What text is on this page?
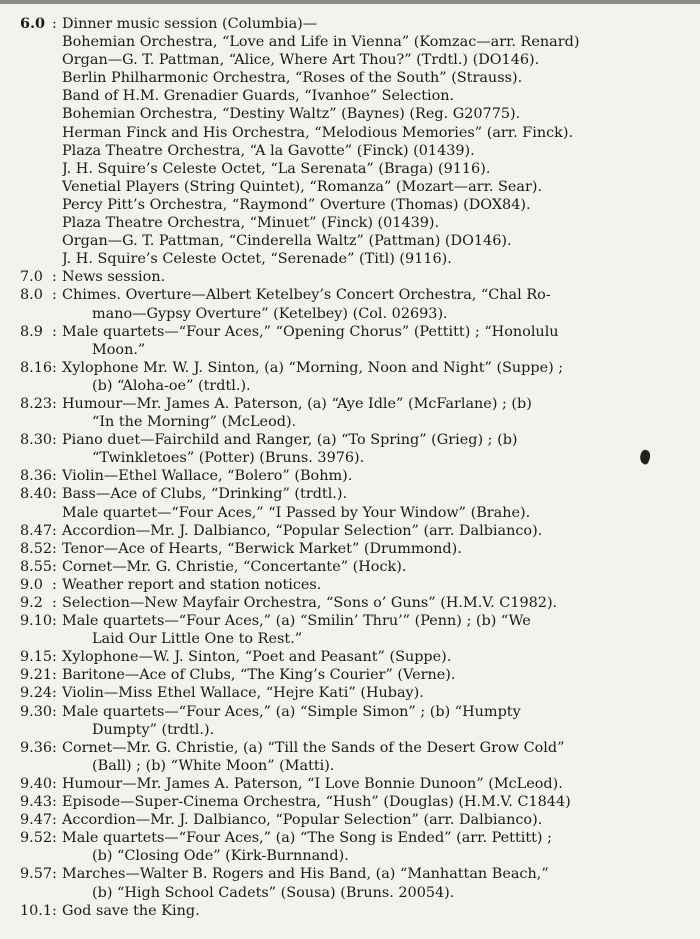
6.0 : Dinner music session (Columbia)—
Bohemian Orchestra, “Love and Life in Vienna” (Komzac—arr. Renard)
Organ—G. T. Pattman, “Alice, Where Art Thou?” (Trdtl.) (DO146).
Berlin Philharmonic Orchestra, “Roses of the South” (Strauss).
Band of H.M. Grenadier Guards, “Ivanhoe” Selection.
Bohemian Orchestra, “Destiny Waltz” (Baynes) (Reg. G20775).
Herman Finck and His Orchestra, “Melodious Memories” (arr. Finck).
Plaza Theatre Orchestra, “A la Gavotte” (Finck) (01439).
J. H. Squire’s Celeste Octet, “La Serenata” (Braga) (9116).
Venetial Players (String Quintet), “Romanza” (Mozart—arr. Sear).
Percy Pitt’s Orchestra, “Raymond” Overture (Thomas) (DOX84).
Plaza Theatre Orchestra, “Minuet” (Finck) (01439).
Organ—G. T. Pattman, “Cinderella Waltz” (Pattman) (DO146).
J. H. Squire’s Celeste Octet, “Serenade” (Titl) (9116).
7.0 : News session.
8.0 : Chimes. Overture—Albert Ketelbey’s Concert Orchestra, “Chal Ro-
mano—Gypsy Overture” (Ketelbey) (Col. 02693).
8.9 : Male quartets—“Four Aces,” “Opening Chorus” (Pettitt) ; “Honolulu
Moon.”
8.16 : Xylophone Mr. W. J. Sinton, (a) “Morning, Noon and Night” (Suppe) ;
(b) “Aloha-oe” (trdtl.).
8.23 : Humour—Mr. James A. Paterson, (a) “Aye Idle” (McFarlane) ; (b)
“In the Morning” (McLeod).
8.30 : Piano duet—Fairchild and Ranger, (a) “To Spring” (Grieg) ; (b)
“Twinkletoes” (Potter) (Bruns. 3976).
8.36 : Violin—Ethel Wallace, “Bolero” (Bohm).
8.40 : Bass—Ace of Clubs, “Drinking” (trdtl.).
Male quartet—“Four Aces,” “I Passed by Your Window” (Brahe).
8.47 : Accordion—Mr. J. Dalbianco, “Popular Selection” (arr. Dalbianco).
8.52 : Tenor—Ace of Hearts, “Berwick Market” (Drummond).
8.55 : Cornet—Mr. G. Christie, “Concertante” (Hock).
9.0 : Weather report and station notices.
9.2 : Selection—New Mayfair Orchestra, “Sons o’ Guns” (H.M.V. C1982).
9.10 : Male quartets—“Four Aces,” (a) “Smilin’ Thru’” (Penn) ; (b) “We
Laid Our Little One to Rest.”
9.15 : Xylophone—W. J. Sinton, “Poet and Peasant” (Suppe).
9.21 : Baritone—Ace of Clubs, “The King’s Courier” (Verne).
9.24 : Violin—Miss Ethel Wallace, “Hejre Kati” (Hubay).
9.30 : Male quartets—“Four Aces,” (a) “Simple Simon” ; (b) “Humpty
Dumpty” (trdtl.).
9.36 : Cornet—Mr. G. Christie, (a) “Till the Sands of the Desert Grow Cold”
(Ball) ; (b) “White Moon” (Matti).
9.40 : Humour—Mr. James A. Paterson, “I Love Bonnie Dunoon” (McLeod).
9.43 : Episode—Super-Cinema Orchestra, “Hush” (Douglas) (H.M.V. C1844)
9.47 : Accordion—Mr. J. Dalbianco, “Popular Selection” (arr. Dalbianco).
9.52 : Male quartets—“Four Aces,” (a) “The Song is Ended” (arr. Pettitt) ;
(b) “Closing Ode” (Kirk-Burnnand).
9.57 : Marches—Walter B. Rogers and His Band, (a) “Manhattan Beach,”
(b) “High School Cadets” (Sousa) (Bruns. 20054).
10.1 : God save the King.
